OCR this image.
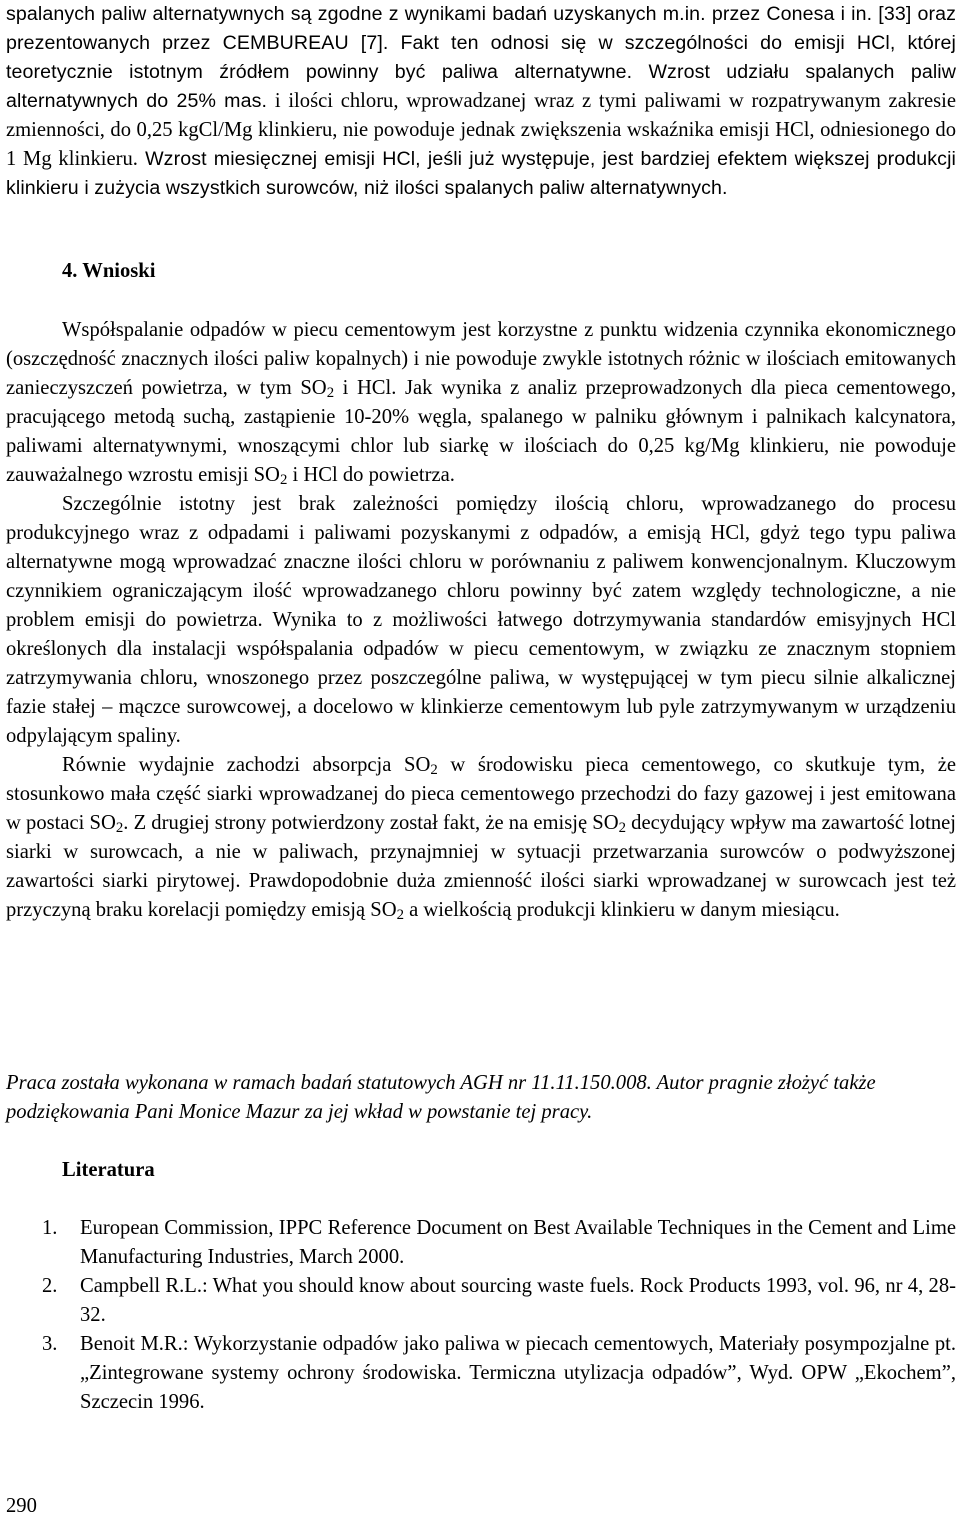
spalanych paliw alternatywnych są zgodne z wynikami badań uzyskanych m.in. przez Conesa i in. [33] oraz prezentowanych przez CEMBUREAU [7]. Fakt ten odnosi się w szczególności do emisji HCl, której teoretycznie istotnym źródłem powinny być paliwa alternatywne. Wzrost udziału spalanych paliw alternatywnych do 25% mas. i ilości chloru, wprowadzanej wraz z tymi paliwami w rozpatrywanym zakresie zmienności, do 0,25 kgCl/Mg klinkieru, nie powoduje jednak zwiększenia wskaźnika emisji HCl, odniesionego do 1 Mg klinkieru. Wzrost miesięcznej emisji HCl, jeśli już występuje, jest bardziej efektem większej produkcji klinkieru i zużycia wszystkich surowców, niż ilości spalanych paliw alternatywnych.

4. Wnioski

Współspalanie odpadów w piecu cementowym jest korzystne z punktu widzenia czynnika ekonomicznego (oszczędność znacznych ilości paliw kopalnych) i nie powoduje zwykle istotnych różnic w ilościach emitowanych zanieczyszczeń powietrza, w tym $SO_2$ i HCl. Jak wynika z analiz przeprowadzonych dla pieca cementowego, pracującego metodą suchą, zastąpienie 10-20% węgla, spalanego w palniku głównym i palnikach kalcynatora, paliwami alternatywnymi, wnoszącymi chlor lub siarkę w ilościach do 0,25 kg/Mg klinkieru, nie powoduje zauważalnego wzrostu emisji $SO_2$ i HCl do powietrza.

Szczególnie istotny jest brak zależności pomiędzy ilością chloru, wprowadzanego do procesu produkcyjnego wraz z odpadami i paliwami pozyskanymi z odpadów, a emisją HCl, gdyż tego typu paliwa alternatywne mogą wprowadzać znaczne ilości chloru w porównaniu z paliwem konwencjonalnym. Kluczowym czynnikiem ograniczającym ilość wprowadzanego chloru powinny być zatem względy technologiczne, a nie problem emisji do powietrza. Wynika to z możliwości łatwego dotrzymywania standardów emisyjnych HCl określonych dla instalacji współspalania odpadów w piecu cementowym, w związku ze znacznym stopniem zatrzymywania chloru, wnoszonego przez poszczególne paliwa, w występującej w tym piecu silnie alkalicznej fazie stałej – mączce surowcowej, a docelowo w klinkierze cementowym lub pyle zatrzymywanym w urządzeniu odpylającym spaliny.

Równie wydajnie zachodzi absorpcja $SO_2$ w środowisku pieca cementowego, co skutkuje tym, że stosunkowo mała część siarki wprowadzanej do pieca cementowego przechodzi do fazy gazowej i jest emitowana w postaci $SO_2$. Z drugiej strony potwierdzony został fakt, że na emisję $SO_2$ decydujący wpływ ma zawartość lotnej siarki w surowcach, a nie w paliwach, przynajmniej w sytuacji przetwarzania surowców o podwyższonej zawartości siarki pirytowej. Prawdopodobnie duża zmienność ilości siarki wprowadzanej w surowcach jest też przyczyną braku korelacji pomiędzy emisją $SO_2$ a wielkością produkcji klinkieru w danym miesiącu.

Praca została wykonana w ramach badań statutowych AGH nr 11.11.150.008. Autor pragnie złożyć także podziękowania Pani Monice Mazur za jej wkład w powstanie tej pracy.

Literatura
1. European Commission, IPPC Reference Document on Best Available Techniques in the Cement and Lime Manufacturing Industries, March 2000.
2. Campbell R.L.: What you should know about sourcing waste fuels. Rock Products 1993, vol. 96, nr 4, 28-32.
3. Benoit M.R.: Wykorzystanie odpadów jako paliwa w piecach cementowych, Materiały posympozjalne pt. „Zintegrowane systemy ochrony środowiska. Termiczna utylizacja odpadów”, Wyd. OPW „Ekochem”, Szczecin 1996.
290
